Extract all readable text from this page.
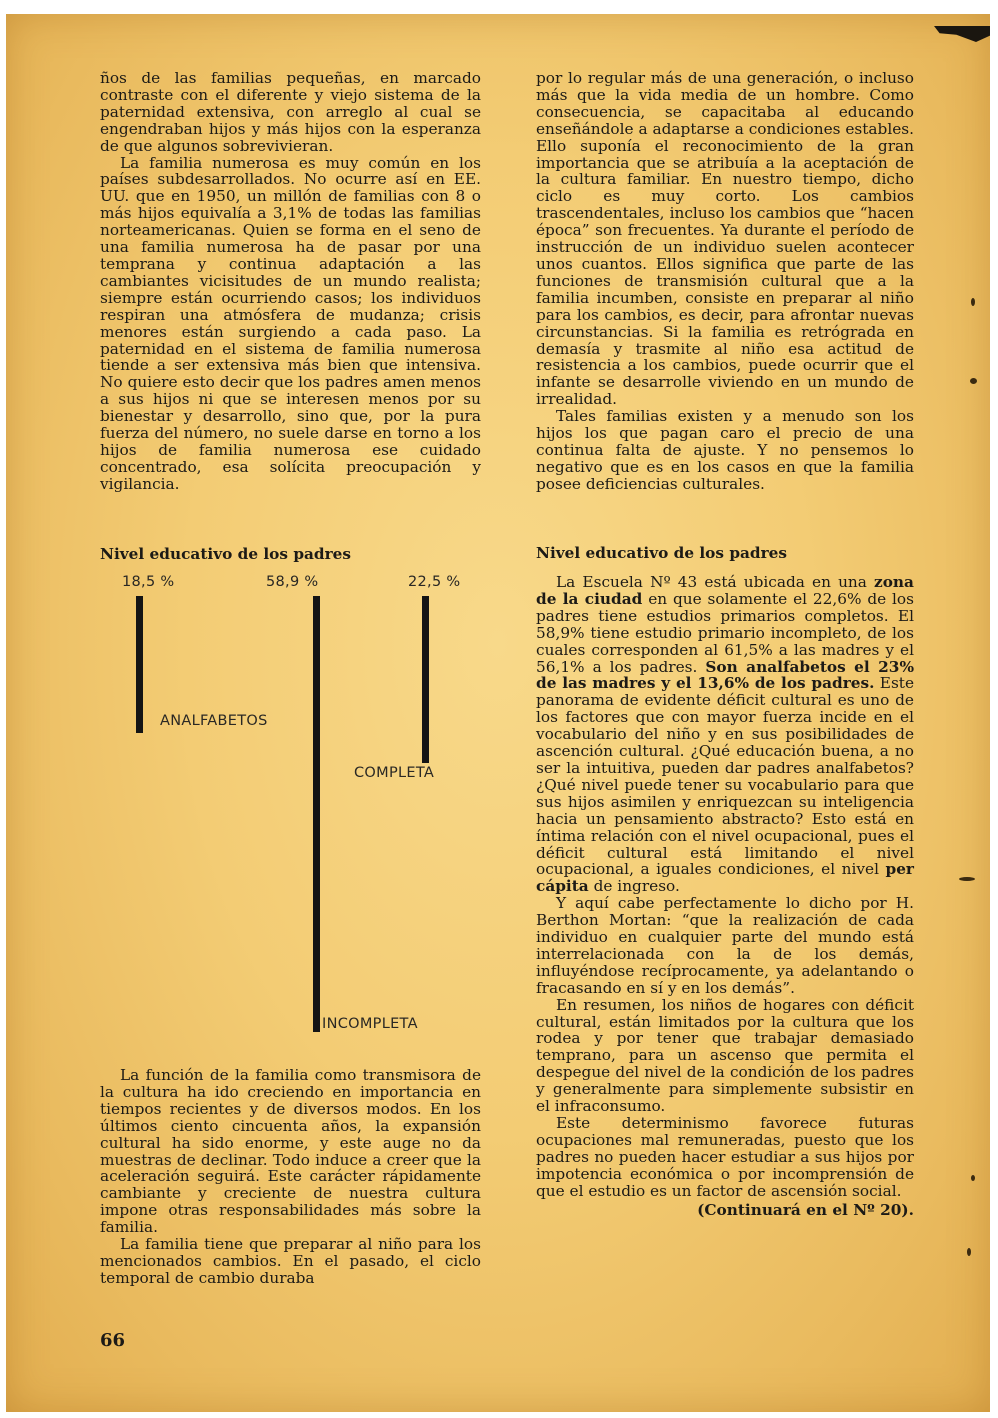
ños de las familias pequeñas, en marcado contraste con el diferente y viejo sistema de la paternidad extensiva, con arreglo al cual se engendraban hijos y más hijos con la esperanza de que algunos sobrevivieran.

La familia numerosa es muy común en los países subdesarrollados. No ocurre así en EE. UU. que en 1950, un millón de familias con 8 o más hijos equivalía a 3,1% de todas las familias norteamericanas. Quien se forma en el seno de una familia numerosa ha de pasar por una temprana y continua adaptación a las cambiantes vicisitudes de un mundo realista; siempre están ocurriendo casos; los individuos respiran una atmósfera de mudanza; crisis menores están surgiendo a cada paso. La paternidad en el sistema de familia numerosa tiende a ser extensiva más bien que intensiva. No quiere esto decir que los padres amen menos a sus hijos ni que se interesen menos por su bienestar y desarrollo, sino que, por la pura fuerza del número, no suele darse en torno a los hijos de familia numerosa ese cuidado concentrado, esa solícita preocupación y vigilancia.

Nivel educativo de los padres
18,5 %	58,9 %	22,5 %
ANALFABETOS
INCOMPLETA
COMPLETA

La función de la familia como transmisora de la cultura ha ido creciendo en importancia en tiempos recientes y de diversos modos. En los últimos ciento cincuenta años, la expansión cultural ha sido enorme, y este auge no da muestras de declinar. Todo induce a creer que la aceleración seguirá. Este carácter rápidamente cambiante y creciente de nuestra cultura impone otras responsabilidades más sobre la familia.

La familia tiene que preparar al niño para los mencionados cambios. En el pasado, el ciclo temporal de cambio duraba

por lo regular más de una generación, o incluso más que la vida media de un hombre. Como consecuencia, se capacitaba al educando enseñándole a adaptarse a condiciones estables. Ello suponía el reconocimiento de la gran importancia que se atribuía a la aceptación de la cultura familiar. En nuestro tiempo, dicho ciclo es muy corto. Los cambios trascendentales, incluso los cambios que “hacen época” son frecuentes. Ya durante el período de instrucción de un individuo suelen acontecer unos cuantos. Ellos significa que parte de las funciones de transmisión cultural que a la familia incumben, consiste en preparar al niño para los cambios, es decir, para afrontar nuevas circunstancias. Si la familia es retrógrada en demasía y trasmite al niño esa actitud de resistencia a los cambios, puede ocurrir que el infante se desarrolle viviendo en un mundo de irrealidad.

Tales familias existen y a menudo son los hijos los que pagan caro el precio de una continua falta de ajuste. Y no pensemos lo negativo que es en los casos en que la familia posee deficiencias culturales.

Nivel educativo de los padres

La Escuela Nº 43 está ubicada en una zona de la ciudad en que solamente el 22,6% de los padres tiene estudios primarios completos. El 58,9% tiene estudio primario incompleto, de los cuales corresponden al 61,5% a las madres y el 56,1% a los padres. Son analfabetos el 23% de las madres y el 13,6% de los padres. Este panorama de evidente déficit cultural es uno de los factores que con mayor fuerza incide en el vocabulario del niño y en sus posibilidades de ascención cultural. ¿Qué educación buena, a no ser la intuitiva, pueden dar padres analfabetos? ¿Qué nivel puede tener su vocabulario para que sus hijos asimilen y enriquezcan su inteligencia hacia un pensamiento abstracto? Esto está en íntima relación con el nivel ocupacional, pues el déficit cultural está limitando el nivel ocupacional, a iguales condiciones, el nivel per cápita de ingreso.

Y aquí cabe perfectamente lo dicho por H. Berthon Mortan: “que la realización de cada individuo en cualquier parte del mundo está interrelacionada con la de los demás, influyéndose recíprocamente, ya adelantando o fracasando en sí y en los demás”.

En resumen, los niños de hogares con déficit cultural, están limitados por la cultura que los rodea y por tener que trabajar demasiado temprano, para un ascenso que permita el despegue del nivel de la condición de los padres y generalmente para simplemente subsistir en el infraconsumo.

Este determinismo favorece futuras ocupaciones mal remuneradas, puesto que los padres no pueden hacer estudiar a sus hijos por impotencia económica o por incomprensión de que el estudio es un factor de ascensión social.

(Continuará en el Nº 20).

66
